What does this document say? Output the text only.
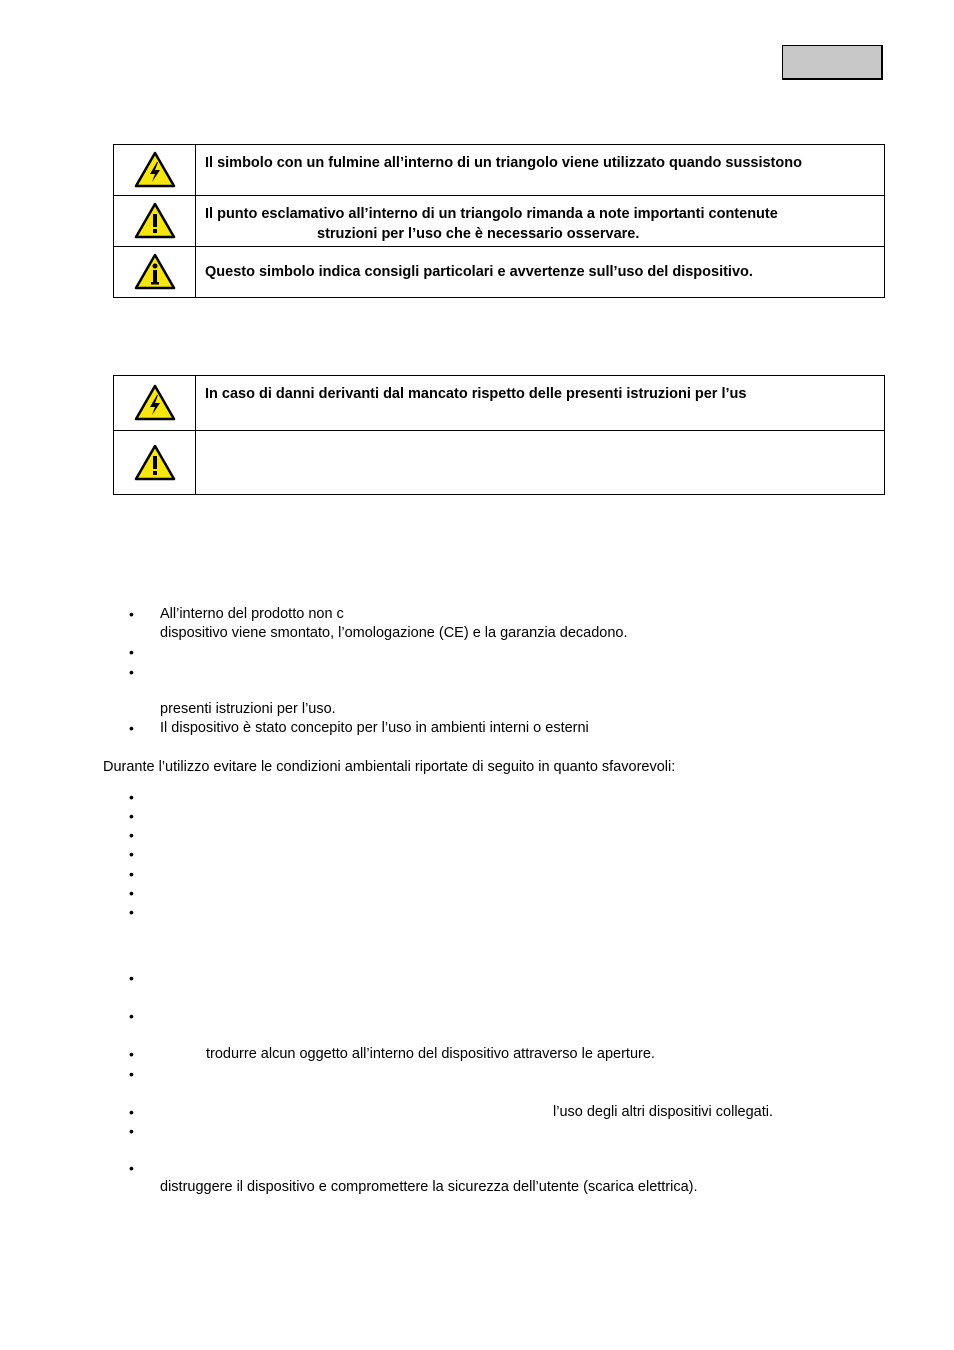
	Il simbolo con un fulmine all’interno di un triangolo viene utilizzato quando sussistono

	Il punto esclamativo all’interno di un triangolo rimanda a note importanti contenute
struzioni per l’uso che è necessario osservare.

	Questo simbolo indica consigli particolari e avvertenze sull’uso del dispositivo.
	In caso di danni derivanti dal mancato rispetto delle presenti istruzioni per l’us

• All’interno del prodotto non c
dispositivo viene smontato, l’omologazione (CE) e la garanzia decadono.
•
•
presenti istruzioni per l’uso.
• Il dispositivo è stato concepito per l’uso in ambienti interni o esterni
Durante l’utilizzo evitare le condizioni ambientali riportate di seguito in quanto sfavorevoli:
•
•
•
•
•
•
•
•
•
•	trodurre alcun oggetto all’interno del dispositivo attraverso le aperture.
•
•	l’uso degli altri dispositivi collegati.
•
•
distruggere il dispositivo e compromettere la sicurezza dell’utente (scarica elettrica).
